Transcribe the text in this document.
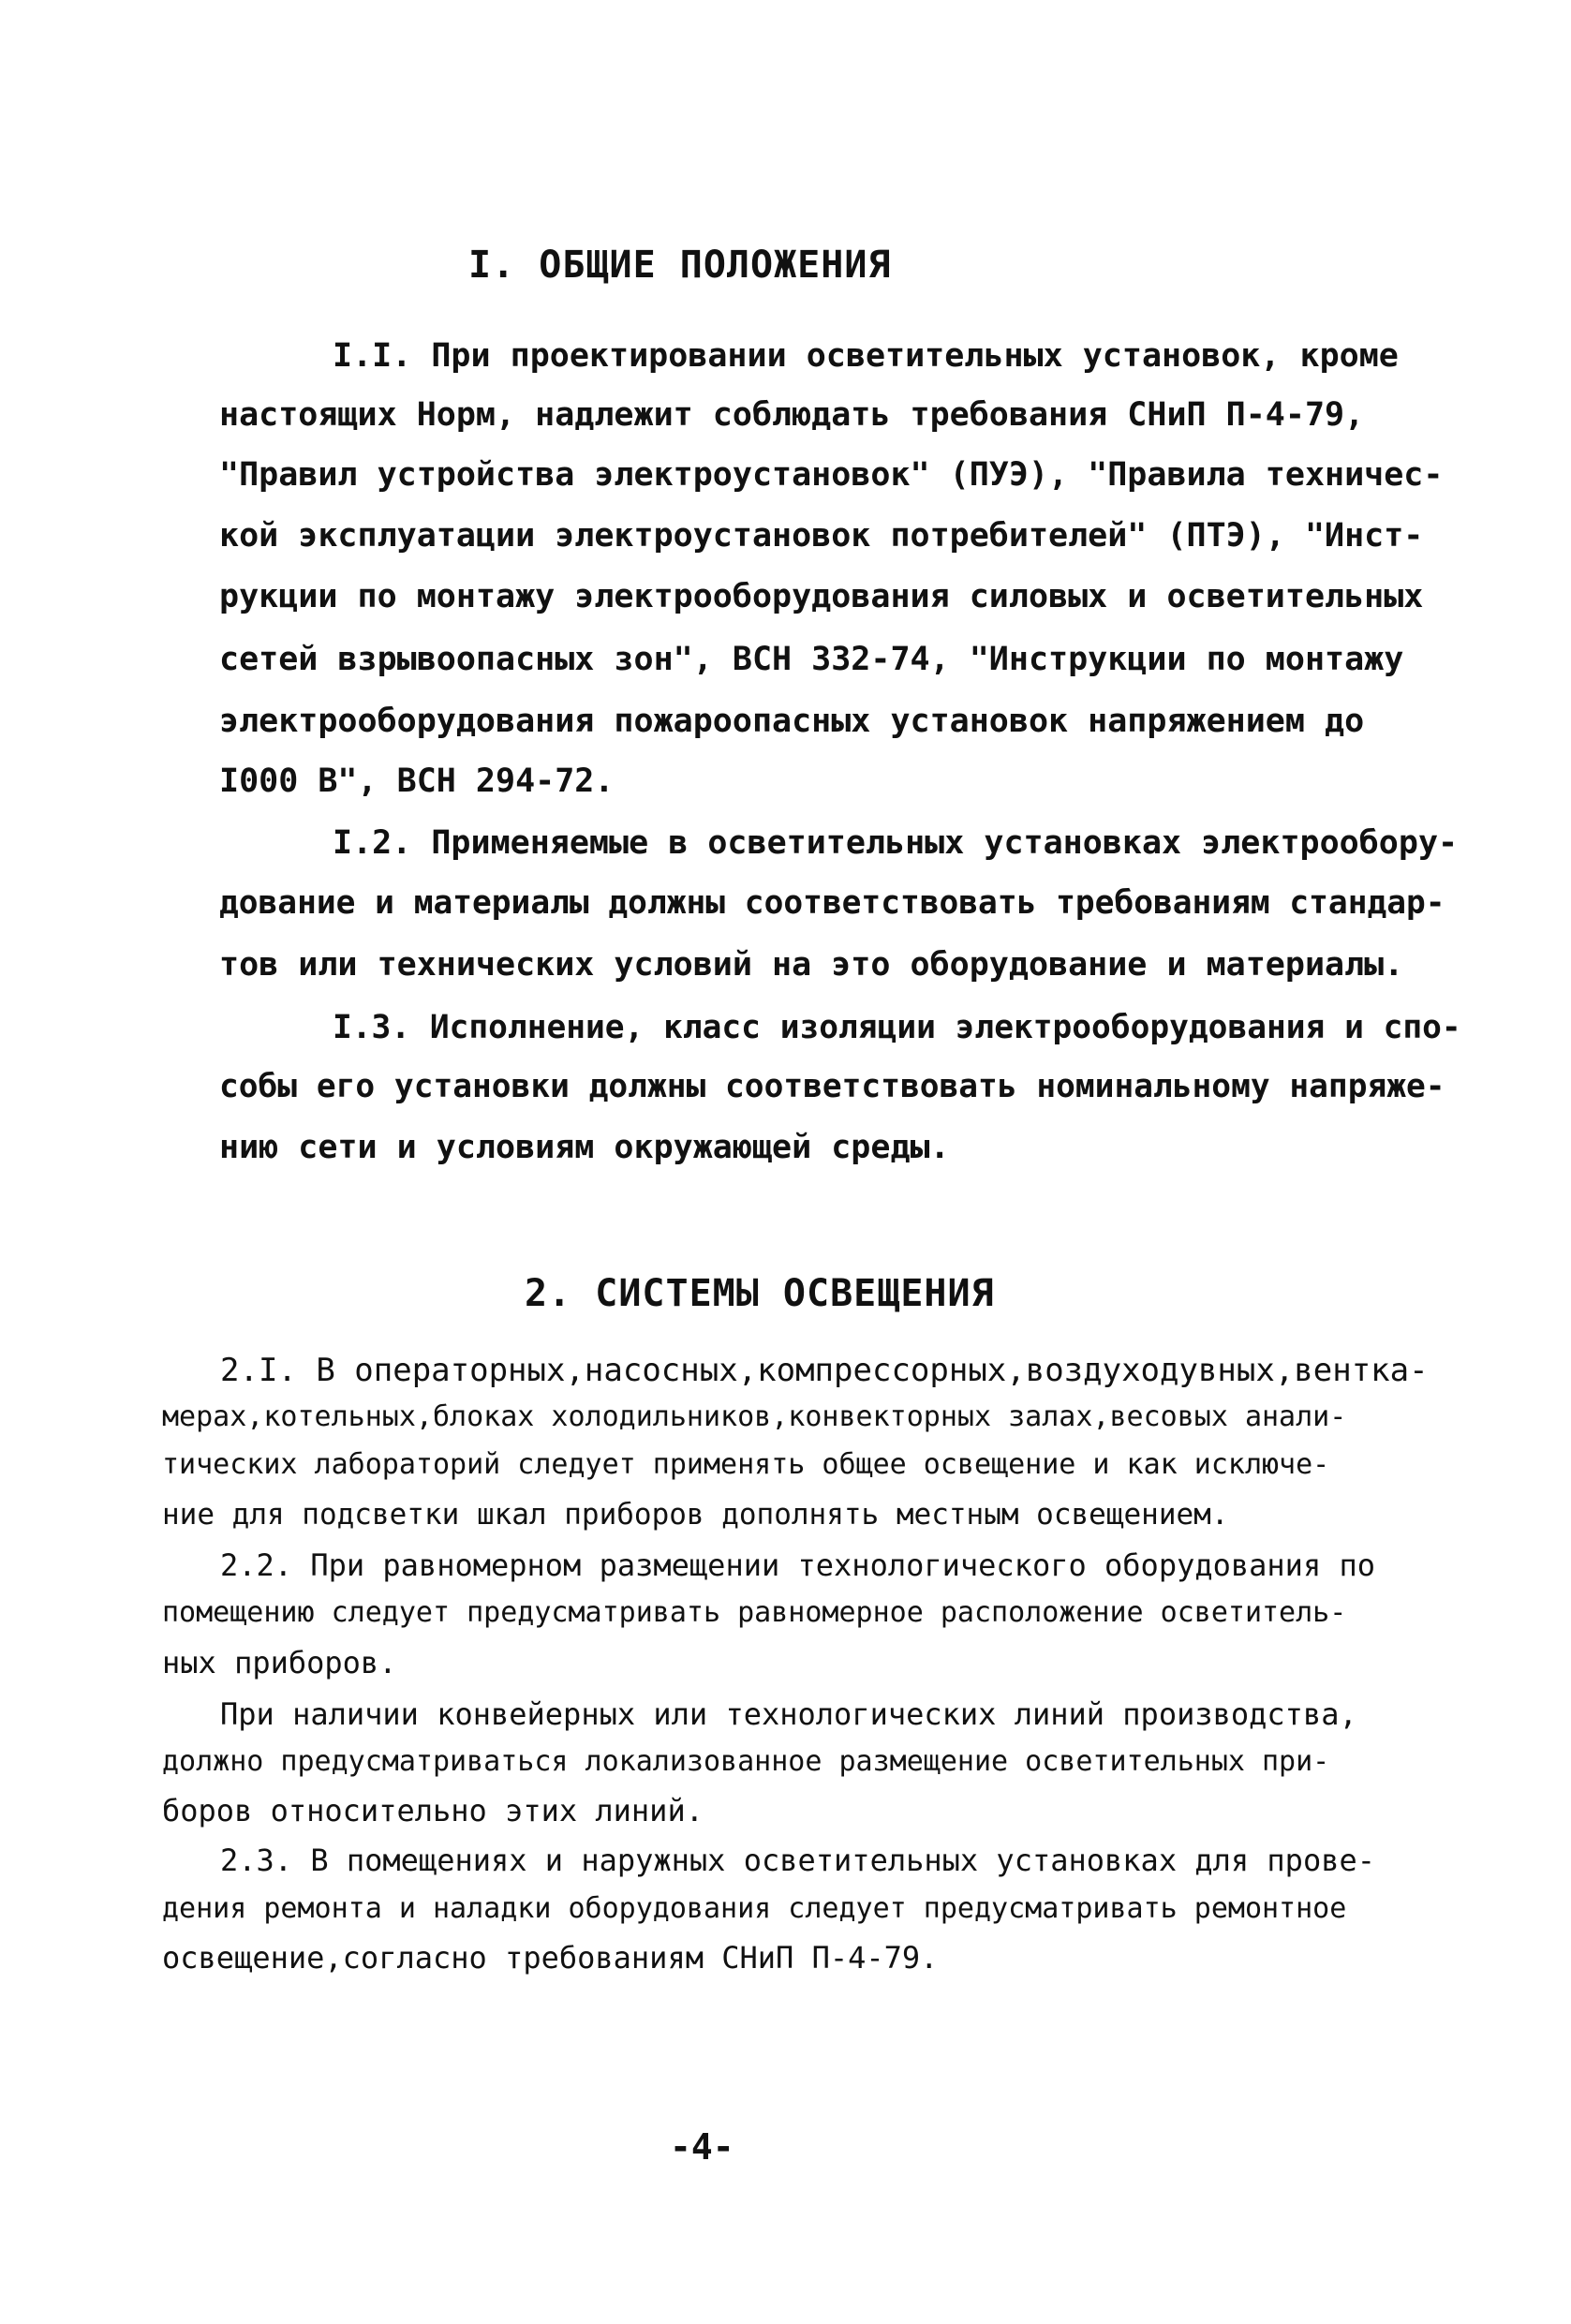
I. ОБЩИЕ ПОЛОЖЕНИЯ
I.I. При проектировании осветительных установок, кроме
настоящих Норм, надлежит соблюдать требования СНиП П-4-79,
"Правил устройства электроустановок" (ПУЭ), "Правила техничес-
кой эксплуатации электроустановок потребителей" (ПТЭ), "Инст-
рукции по монтажу электрооборудования силовых и осветительных
сетей взрывоопасных зон", ВСН 332-74, "Инструкции по монтажу
электрооборудования пожароопасных установок напряжением до
I000 В", ВСН 294-72.
I.2. Применяемые в осветительных установках электрообору-
дование и материалы должны соответствовать требованиям стандар-
тов или технических условий на это оборудование и материалы.
I.3. Исполнение, класс изоляции электрооборудования и спо-
собы его установки должны соответствовать номинальному напряже-
нию сети и условиям окружающей среды.
2. СИСТЕМЫ ОСВЕЩЕНИЯ
2.I. В операторных,насосных,компрессорных,воздуходувных,вентка-
мерах,котельных,блоках холодильников,конвекторных залах,весовых анали-
тических лабораторий следует применять общее освещение и как исключе-
ние для подсветки шкал приборов дополнять местным освещением.
2.2. При равномерном размещении технологического оборудования по
помещению следует предусматривать равномерное расположение осветитель-
ных приборов.
При наличии конвейерных или технологических линий производства,
должно предусматриваться локализованное размещение осветительных при-
боров относительно этих линий.
2.3. В помещениях и наружных осветительных установках для прове-
дения ремонта и наладки оборудования следует предусматривать ремонтное
освещение,согласно требованиям СНиП П-4-79.
-4-
